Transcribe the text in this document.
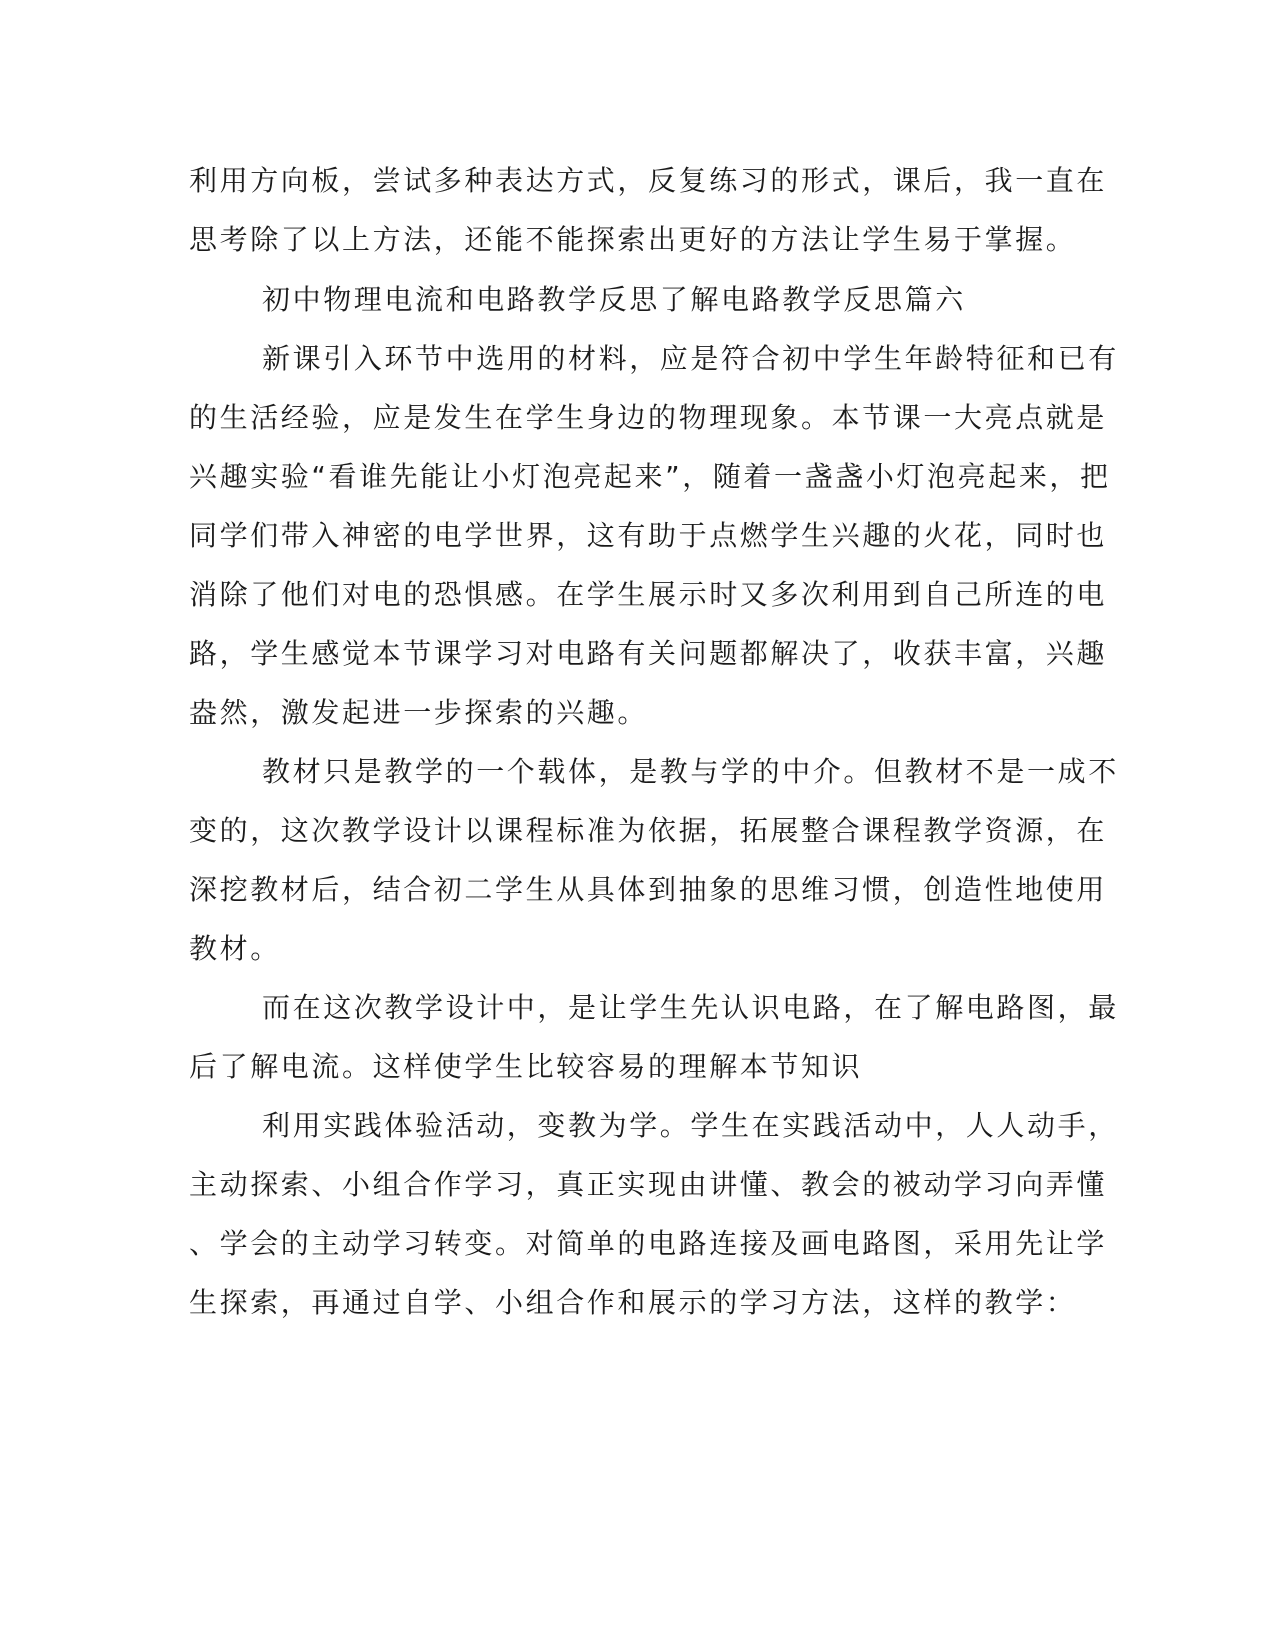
利用方向板，尝试多种表达方式，反复练习的形式，课后，我一直在
思考除了以上方法，还能不能探索出更好的方法让学生易于掌握。
初中物理电流和电路教学反思了解电路教学反思篇六
新课引入环节中选用的材料，应是符合初中学生年龄特征和已有
的生活经验，应是发生在学生身边的物理现象。本节课一大亮点就是
兴趣实验“看谁先能让小灯泡亮起来”，随着一盏盏小灯泡亮起来，把
同学们带入神密的电学世界，这有助于点燃学生兴趣的火花，同时也
消除了他们对电的恐惧感。在学生展示时又多次利用到自己所连的电
路，学生感觉本节课学习对电路有关问题都解决了，收获丰富，兴趣
盎然，激发起进一步探索的兴趣。
教材只是教学的一个载体，是教与学的中介。但教材不是一成不
变的，这次教学设计以课程标准为依据，拓展整合课程教学资源，在
深挖教材后，结合初二学生从具体到抽象的思维习惯，创造性地使用
教材。
而在这次教学设计中，是让学生先认识电路，在了解电路图，最
后了解电流。这样使学生比较容易的理解本节知识
利用实践体验活动，变教为学。学生在实践活动中，人人动手，
主动探索、小组合作学习，真正实现由讲懂、教会的被动学习向弄懂
、学会的主动学习转变。对简单的电路连接及画电路图，采用先让学
生探索，再通过自学、小组合作和展示的学习方法，这样的教学：
